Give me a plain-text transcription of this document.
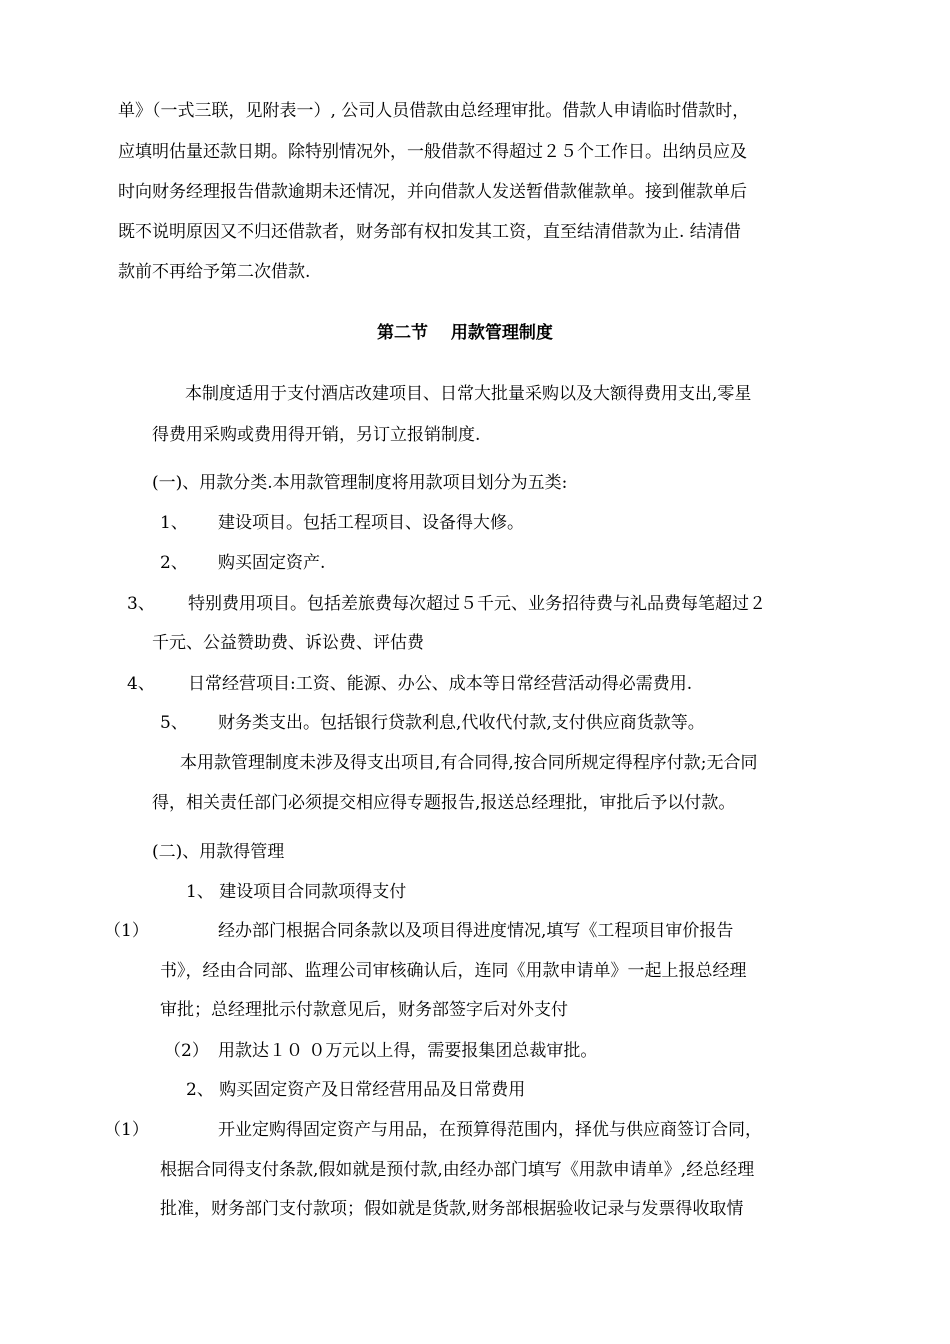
单》（一式三联，见附表一）, 公司人员借款由总经理审批。借款人申请临时借款时，
应填明估量还款日期。除特别情况外，一般借款不得超过２５个工作日。出纳员应及
时向财务经理报告借款逾期未还情况，并向借款人发送暂借款催款单。接到催款单后
既不说明原因又不归还借款者，财务部有权扣发其工资，直至结清借款为止. 结清借
款前不再给予第二次借款.
第二节　 用款管理制度
本制度适用于支付酒店改建项目、日常大批量采购以及大额得费用支出,零星
得费用采购或费用得开销，另订立报销制度.
(一)、用款分类.本用款管理制度将用款项目划分为五类:
1、 建设项目。包括工程项目、设备得大修。
2、 购买固定资产.
3、 特别费用项目。包括差旅费每次超过５千元、业务招待费与礼品费每笔超过２
千元、公益赞助费、诉讼费、评估费
4、 日常经营项目:工资、能源、办公、成本等日常经营活动得必需费用.
5、 财务类支出。包括银行贷款利息,代收代付款,支付供应商货款等。
本用款管理制度未涉及得支出项目,有合同得,按合同所规定得程序付款;无合同
得，相关责任部门必须提交相应得专题报告,报送总经理批，审批后予以付款。
(二)、用款得管理
1、 建设项目合同款项得支付
（1）	经办部门根据合同条款以及项目得进度情况,填写《工程项目审价报告
书》，经由合同部、监理公司审核确认后，连同《用款申请单》一起上报总经理
审批；总经理批示付款意见后，财务部签字后对外支付
（2） 用款达１０ ０万元以上得，需要报集团总裁审批。
2、 购买固定资产及日常经营用品及日常费用
（1）	开业定购得固定资产与用品，在预算得范围内，择优与供应商签订合同，
根据合同得支付条款,假如就是预付款,由经办部门填写《用款申请单》,经总经理
批准，财务部门支付款项；假如就是货款,财务部根据验收记录与发票得收取情
